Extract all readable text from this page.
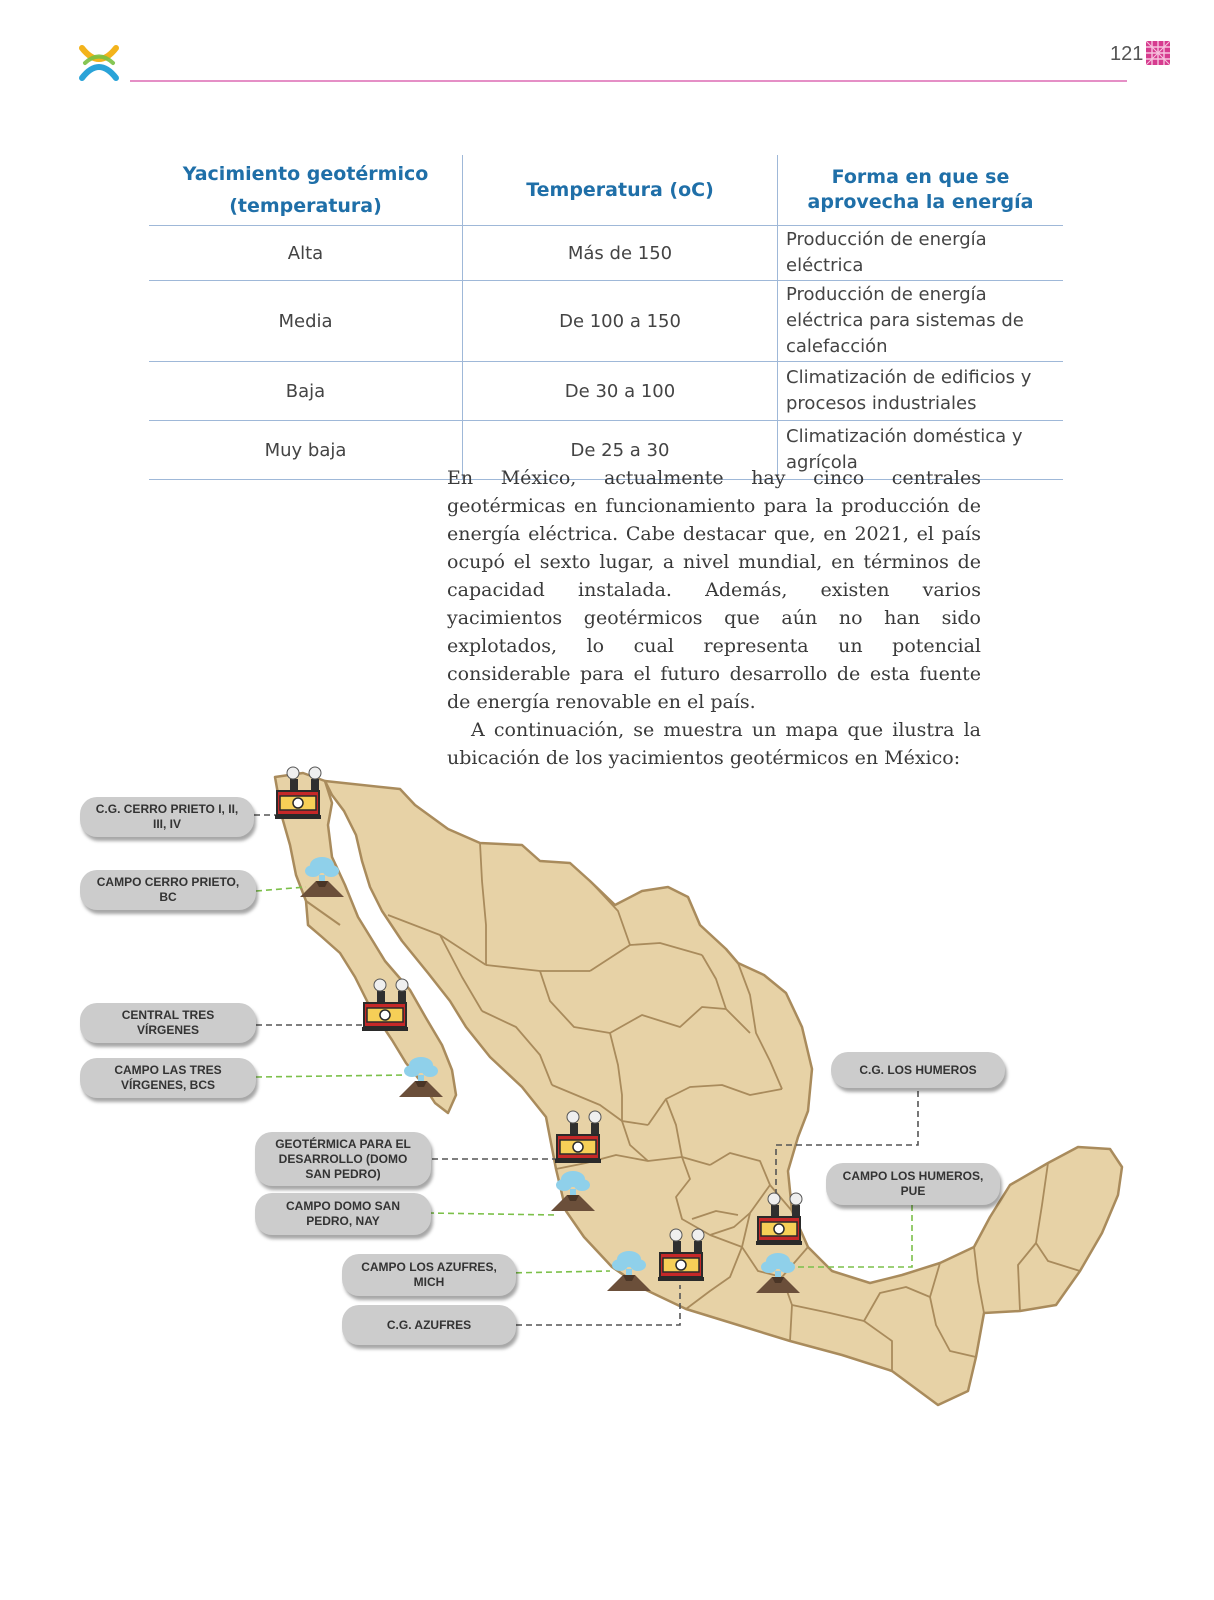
121
Yacimiento geotérmico (temperatura)	Temperatura (oC)	Forma en que se aprovecha la energía
Alta	Más de 150	Producción de energía eléctrica
Media	De 100 a 150	Producción de energía eléctrica para sistemas de calefacción
Baja	De 30 a 100	Climatización de edificios y procesos industriales
Muy baja	De 25 a 30	Climatización doméstica y agrícola

En México, actualmente hay cinco centrales geotérmicas en funcionamiento para la producción de energía eléctrica. Cabe destacar que, en 2021, el país ocupó el sexto lugar, a nivel mundial, en términos de capacidad instalada. Además, existen varios yacimientos geotérmicos que aún no han sido explotados, lo cual representa un potencial considerable para el futuro desarrollo de esta fuente de energía renovable en el país.

A continuación, se muestra un mapa que ilustra la ubicación de los yacimientos geotérmicos en México:

C.G. CERRO PRIETO I, II, III, IV
CAMPO CERRO PRIETO, BC
CENTRAL TRES VÍRGENES
CAMPO LAS TRES VÍRGENES, BCS
GEOTÉRMICA PARA EL DESARROLLO (DOMO SAN PEDRO)
CAMPO DOMO SAN PEDRO, NAY
CAMPO LOS AZUFRES, MICH
C.G. AZUFRES
C.G. LOS HUMEROS
CAMPO LOS HUMEROS, PUE
